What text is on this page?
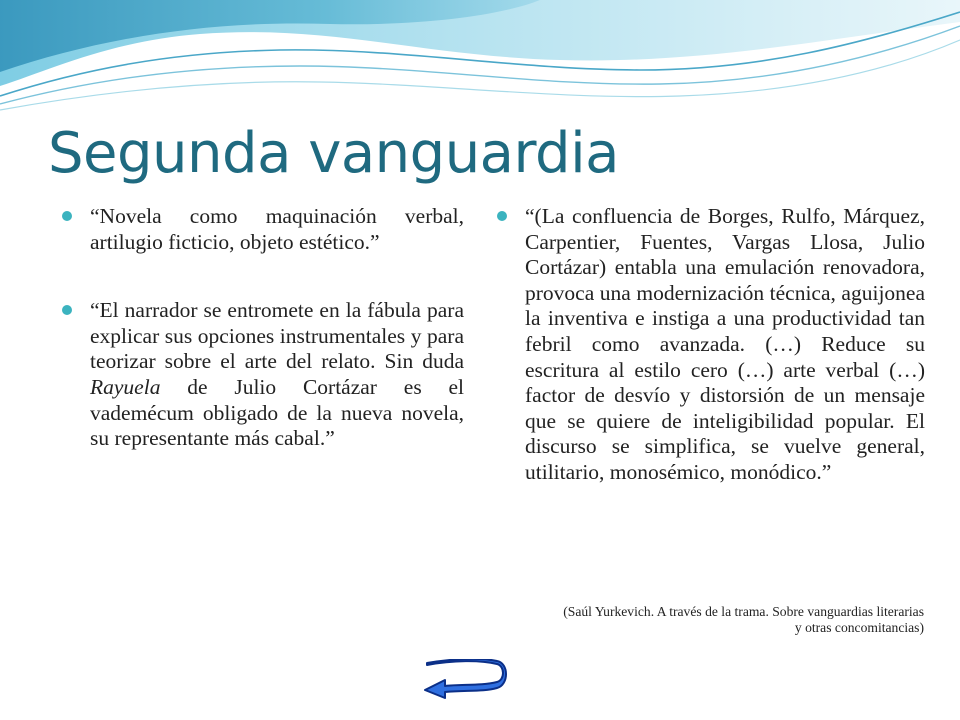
Segunda vanguardia
“Novela como maquinación verbal, artilugio ficticio, objeto estético.”
“El narrador se entromete en la fábula para explicar sus opciones instrumentales y para teorizar sobre el arte del relato. Sin duda Rayuela de Julio Cortázar es el vademécum obligado de la nueva novela, su representante más cabal.”
“(La confluencia de Borges, Rulfo, Márquez, Carpentier, Fuentes, Vargas Llosa, Julio Cortázar) entabla una emulación renovadora, provoca una modernización técnica, aguijonea la inventiva e instiga a una productividad tan febril como avanzada. (…) Reduce su escritura al estilo cero (…) arte verbal (…) factor de desvío y distorsión de un mensaje que se quiere de inteligibilidad popular. El discurso se simplifica, se vuelve general, utilitario, monosémico, monódico.”

(Saúl Yurkevich. A través de la trama. Sobre vanguardias literarias
y otras concomitancias)
